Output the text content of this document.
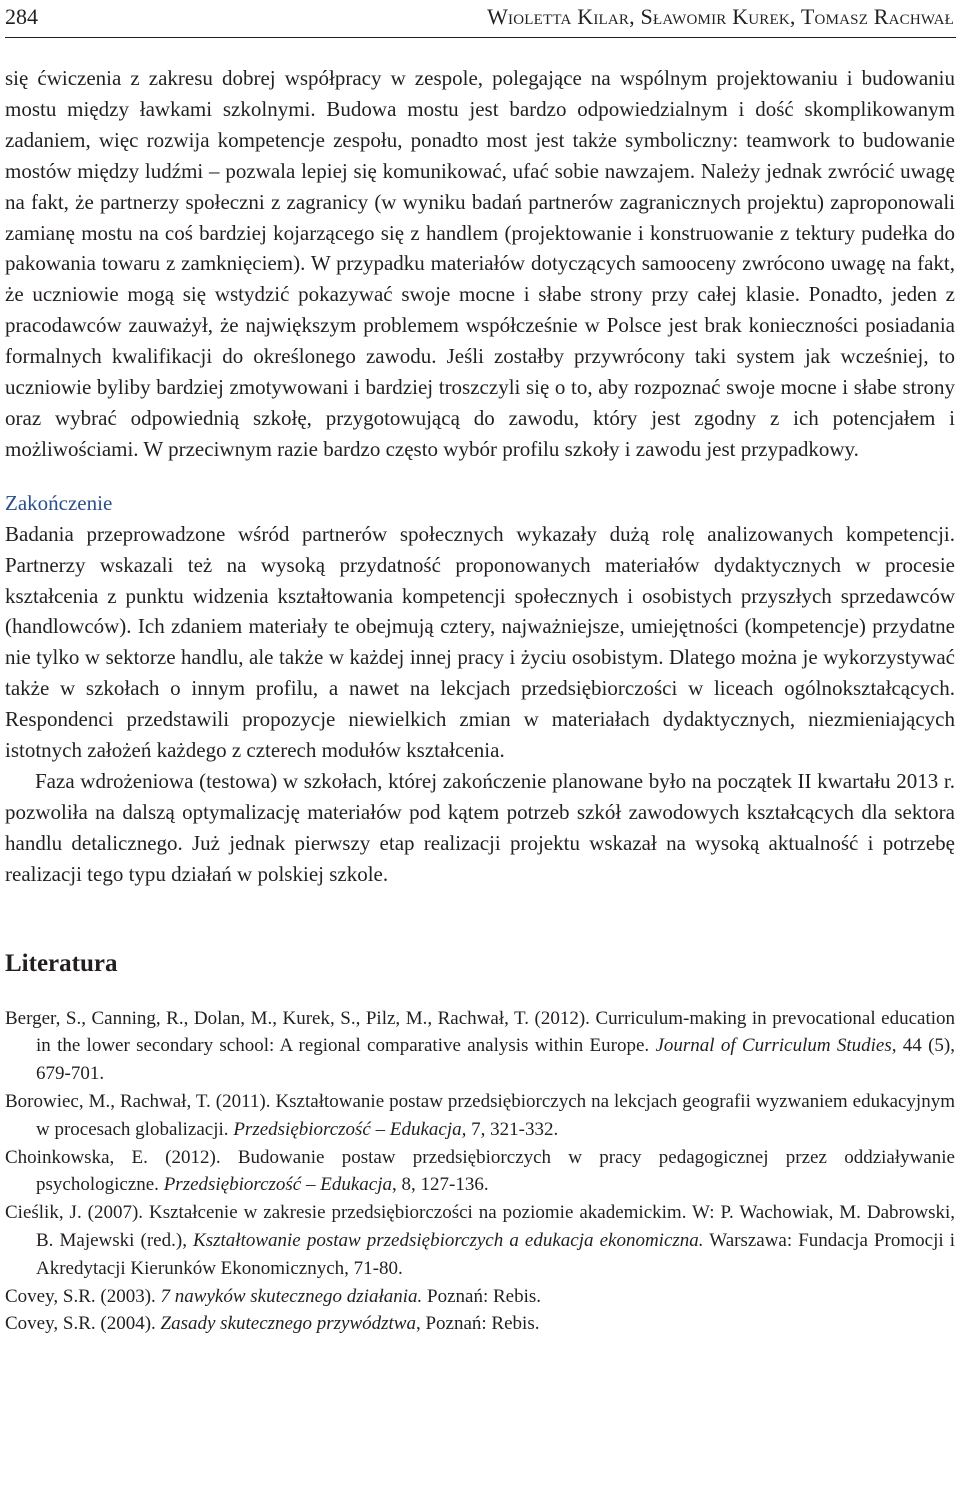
284	Wioletta Kilar, Sławomir Kurek, Tomasz Rachwał

się ćwiczenia z zakresu dobrej współpracy w zespole, polegające na wspólnym projektowaniu i budowaniu mostu między ławkami szkolnymi. Budowa mostu jest bardzo odpowiedzialnym i dość skomplikowanym zadaniem, więc rozwija kompetencje zespołu, ponadto most jest także symboliczny: teamwork to budowanie mostów między ludźmi – pozwala lepiej się komunikować, ufać sobie nawzajem. Należy jednak zwrócić uwagę na fakt, że partnerzy społeczni z zagranicy (w wyniku badań partnerów zagranicznych projektu) zaproponowali zamianę mostu na coś bardziej kojarzącego się z handlem (projektowanie i konstruowanie z tektury pudełka do pakowania towaru z zamknięciem). W przypadku materiałów dotyczących samooceny zwrócono uwagę na fakt, że uczniowie mogą się wstydzić pokazywać swoje mocne i słabe strony przy całej klasie. Ponadto, jeden z pracodawców zauważył, że największym problemem współcześnie w Polsce jest brak konieczności posiadania formalnych kwalifikacji do określonego zawodu. Jeśli zostałby przywrócony taki system jak wcześniej, to uczniowie byliby bardziej zmotywowani i bardziej troszczyli się o to, aby rozpoznać swoje mocne i słabe strony oraz wybrać odpowiednią szkołę, przygotowującą do zawodu, który jest zgodny z ich potencjałem i możliwościami. W przeciwnym razie bardzo często wybór profilu szkoły i zawodu jest przypadkowy.

Zakończenie

Badania przeprowadzone wśród partnerów społecznych wykazały dużą rolę analizowanych kompetencji. Partnerzy wskazali też na wysoką przydatność proponowanych materiałów dydaktycznych w procesie kształcenia z punktu widzenia kształtowania kompetencji społecznych i osobistych przyszłych sprzedawców (handlowców). Ich zdaniem materiały te obejmują cztery, najważniejsze, umiejętności (kompetencje) przydatne nie tylko w sektorze handlu, ale także w każdej innej pracy i życiu osobistym. Dlatego można je wykorzystywać także w szkołach o innym profilu, a nawet na lekcjach przedsiębiorczości w liceach ogólnokształcących. Respondenci przedstawili propozycje niewielkich zmian w materiałach dydaktycznych, niezmieniających istotnych założeń każdego z czterech modułów kształcenia.

Faza wdrożeniowa (testowa) w szkołach, której zakończenie planowane było na początek II kwartału 2013 r. pozwoliła na dalszą optymalizację materiałów pod kątem potrzeb szkół zawodowych kształcących dla sektora handlu detalicznego. Już jednak pierwszy etap realizacji projektu wskazał na wysoką aktualność i potrzebę realizacji tego typu działań w polskiej szkole.

Literatura
Berger, S., Canning, R., Dolan, M., Kurek, S., Pilz, M., Rachwał, T. (2012). Curriculum-making in prevocational education in the lower secondary school: A regional comparative analysis within Europe. Journal of Curriculum Studies, 44 (5), 679-701.
Borowiec, M., Rachwał, T. (2011). Kształtowanie postaw przedsiębiorczych na lekcjach geografii wyzwaniem edukacyjnym w procesach globalizacji. Przedsiębiorczość – Edukacja, 7, 321-332.
Choinkowska, E. (2012). Budowanie postaw przedsiębiorczych w pracy pedagogicznej przez oddziaływanie psychologiczne. Przedsiębiorczość – Edukacja, 8, 127-136.
Cieślik, J. (2007). Kształcenie w zakresie przedsiębiorczości na poziomie akademickim. W: P. Wachowiak, M. Dabrowski, B. Majewski (red.), Kształtowanie postaw przedsiębiorczych a edukacja ekonomiczna. Warszawa: Fundacja Promocji i Akredytacji Kierunków Ekonomicznych, 71-80.
Covey, S.R. (2003). 7 nawyków skutecznego działania. Poznań: Rebis.
Covey, S.R. (2004). Zasady skutecznego przywództwa, Poznań: Rebis.
